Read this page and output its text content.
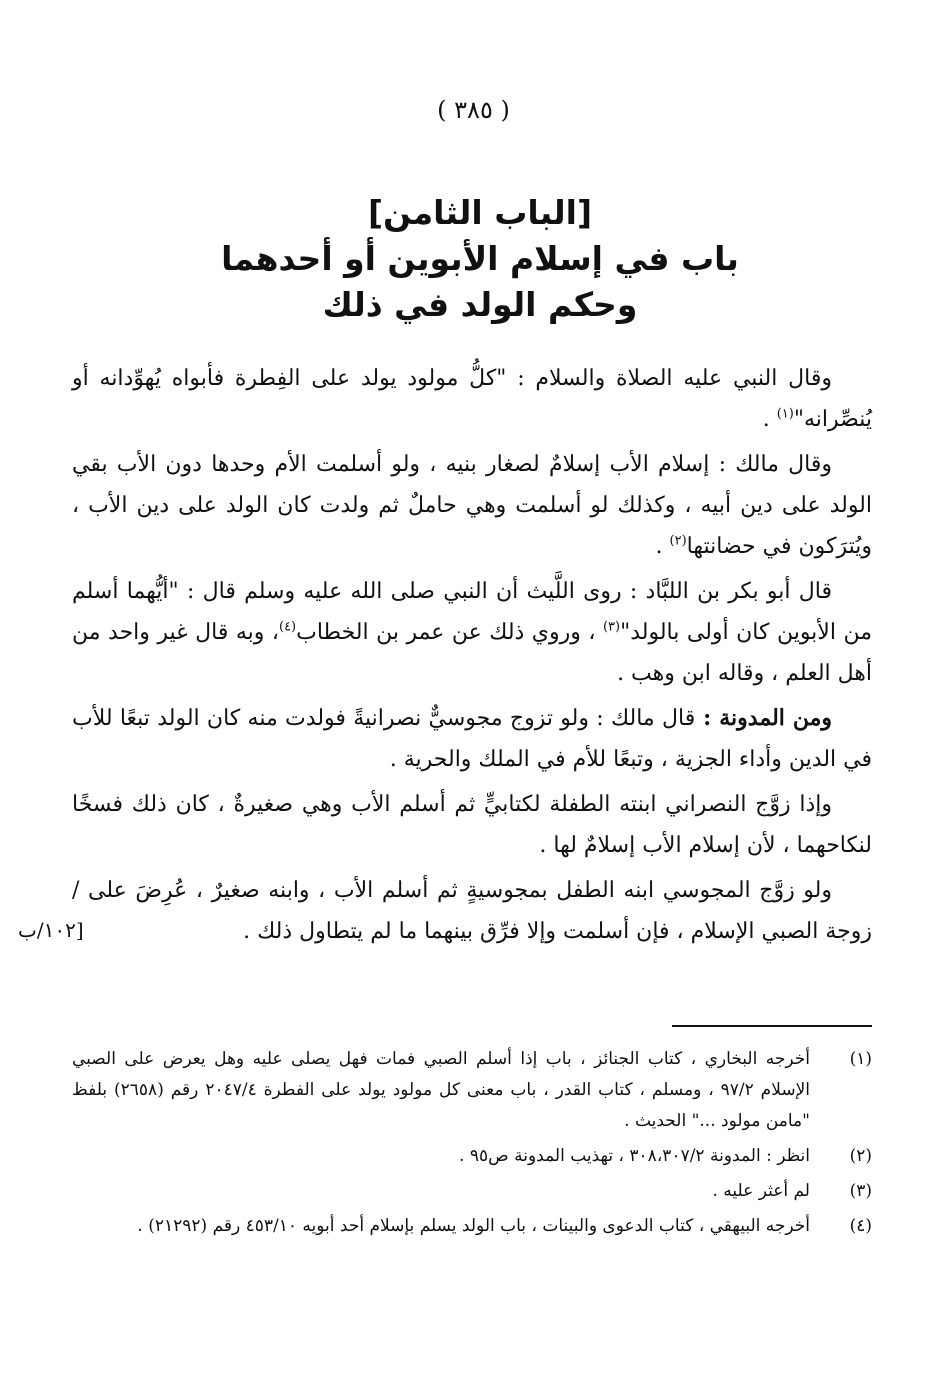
( ٣٨٥ )
[الباب الثامن]
باب في إسلام الأبوين أو أحدهما
وحكم الولد في ذلك

وقال النبي عليه الصلاة والسلام : "كلُّ مولود يولد على الفِطرة فأبواه يُهوِّدانه أو يُنصِّرانه"$^{(١)}$ .

وقال مالك : إسلام الأب إسلامٌ لصغار بنيه ، ولو أسلمت الأم وحدها دون الأب بقي الولد على دين أبيه ، وكذلك لو أسلمت وهي حاملٌ ثم ولدت كان الولد على دين الأب ، ويُترَكون في حضانتها$^{(٢)}$ .

قال أبو بكر بن اللبَّاد : روى اللَّيث أن النبي صلى الله عليه وسلم قال : "أيُّهما أسلم من الأبوين كان أولى بالولد"$^{(٣)}$ ، وروي ذلك عن عمر بن الخطاب$^{(٤)}$، وبه قال غير واحد من أهل العلم ، وقاله ابن وهب .

ومن المدونة : قال مالك : ولو تزوج مجوسيٌّ نصرانيةً فولدت منه كان الولد تبعًا للأب في الدين وأداء الجزية ، وتبعًا للأم في الملك والحرية .

وإذا زوَّج النصراني ابنته الطفلة لكتابيٍّ ثم أسلم الأب وهي صغيرةٌ ، كان ذلك فسخًا لنكاحهما ، لأن إسلام الأب إسلامٌ لها .

ولو زوَّج المجوسي ابنه الطفل بمجوسيةٍ ثم أسلم الأب ، وابنه صغيرٌ ، عُرِضَ على / زوجة الصبي الإسلام ، فإن أسلمت وإلا فرِّق بينهما ما لم يتطاول ذلك .

[١٠٢/ب
(١)
أخرجه البخاري ، كتاب الجنائز ، باب إذا أسلم الصبي فمات فهل يصلى عليه وهل يعرض على الصبي الإسلام ٩٧/٢ ، ومسلم ، كتاب القدر ، باب معنى كل مولود يولد على الفطرة ٢٠٤٧/٤ رقم (٢٦٥٨) بلفظ "مامن مولود ..." الحديث .
(٢)
انظر : المدونة ٣٠٨،٣٠٧/٢ ، تهذيب المدونة ص٩٥ .
(٣)
لم أعثر عليه .
(٤)
أخرجه البيهقي ، كتاب الدعوى والبينات ، باب الولد يسلم بإسلام أحد أبويه ٤٥٣/١٠ رقم (٢١٢٩٢) .
